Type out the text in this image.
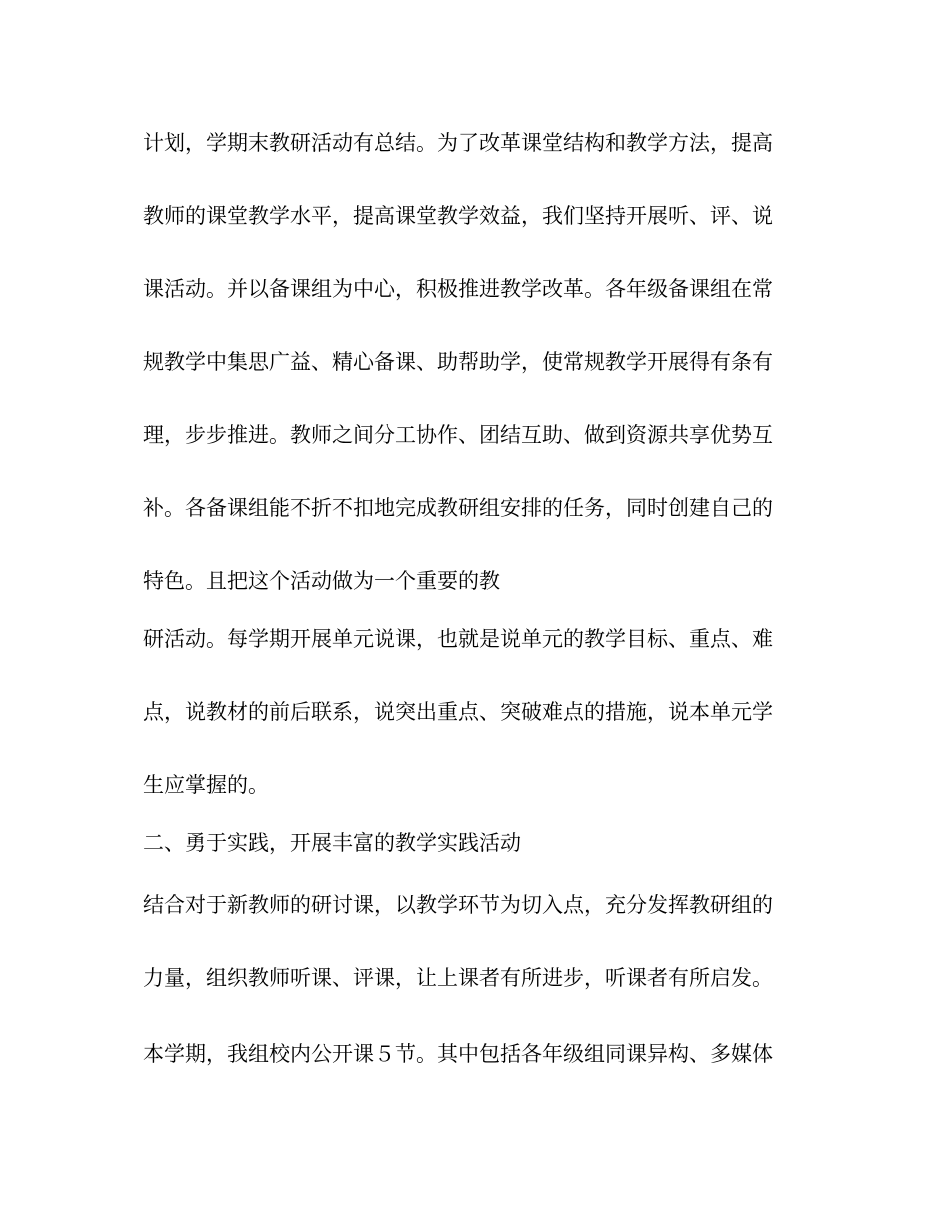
计划，学期末教研活动有总结。为了改革课堂结构和教学方法，提高
教师的课堂教学水平，提高课堂教学效益，我们坚持开展听、评、说
课活动。并以备课组为中心，积极推进教学改革。各年级备课组在常
规教学中集思广益、精心备课、助帮助学，使常规教学开展得有条有
理，步步推进。教师之间分工协作、团结互助、做到资源共享优势互
补。各备课组能不折不扣地完成教研组安排的任务，同时创建自己的
特色。且把这个活动做为一个重要的教
研活动。每学期开展单元说课，也就是说单元的教学目标、重点、难
点，说教材的前后联系，说突出重点、突破难点的措施，说本单元学
生应掌握的。
二、勇于实践，开展丰富的教学实践活动
结合对于新教师的研讨课，以教学环节为切入点，充分发挥教研组的
力量，组织教师听课、评课，让上课者有所进步，听课者有所启发。
本学期，我组校内公开课５节。其中包括各年级组同课异构、多媒体
